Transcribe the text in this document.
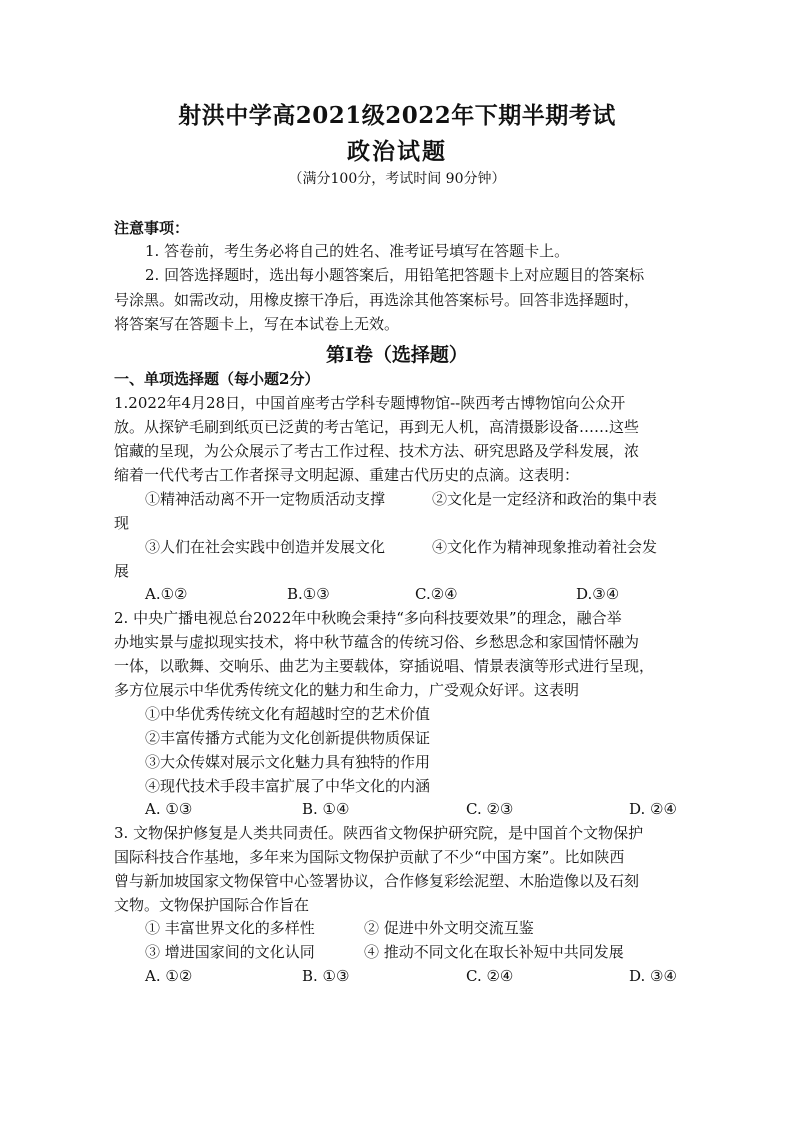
射洪中学高2021级2022年下期半期考试
政治试题
（满分100分，考试时间 90分钟）
注意事项：
1. 答卷前，考生务必将自己的姓名、准考证号填写在答题卡上。
2. 回答选择题时，选出每小题答案后，用铅笔把答题卡上对应题目的答案标
号涂黑。如需改动，用橡皮擦干净后，再选涂其他答案标号。回答非选择题时，
将答案写在答题卡上，写在本试卷上无效。
第Ⅰ卷（选择题）
一、单项选择题（每小题2分）
1.2022年4月28日，中国首座考古学科专题博物馆--陕西考古博物馆向公众开
放。从探铲毛刷到纸页已泛黄的考古笔记，再到无人机，高清摄影设备……这些
馆藏的呈现，为公众展示了考古工作过程、技术方法、研究思路及学科发展，浓
缩着一代代考古工作者探寻文明起源、重建古代历史的点滴。这表明：
①精神活动离不开一定物质活动支撑	②文化是一定经济和政治的集中表
现
③人们在社会实践中创造并发展文化	④文化作为精神现象推动着社会发
展
A.①②	B.①③	C.②④	D.③④
2. 中央广播电视总台2022年中秋晚会秉持“多向科技要效果”的理念，融合举
办地实景与虚拟现实技术，将中秋节蕴含的传统习俗、乡愁思念和家国情怀融为
一体，以歌舞、交响乐、曲艺为主要载体，穿插说唱、情景表演等形式进行呈现，
多方位展示中华优秀传统文化的魅力和生命力，广受观众好评。这表明
①中华优秀传统文化有超越时空的艺术价值
②丰富传播方式能为文化创新提供物质保证
③大众传媒对展示文化魅力具有独特的作用
④现代技术手段丰富扩展了中华文化的内涵
A. ①③	B. ①④	C. ②③	D. ②④
3. 文物保护修复是人类共同责任。陕西省文物保护研究院，是中国首个文物保护
国际科技合作基地，多年来为国际文物保护贡献了不少“中国方案”。比如陕西
曾与新加坡国家文物保管中心签署协议，合作修复彩绘泥塑、木胎造像以及石刻
文物。文物保护国际合作旨在
① 丰富世界文化的多样性	② 促进中外文明交流互鉴
③ 增进国家间的文化认同	④ 推动不同文化在取长补短中共同发展
A. ①②	B. ①③	C. ②④	D. ③④
